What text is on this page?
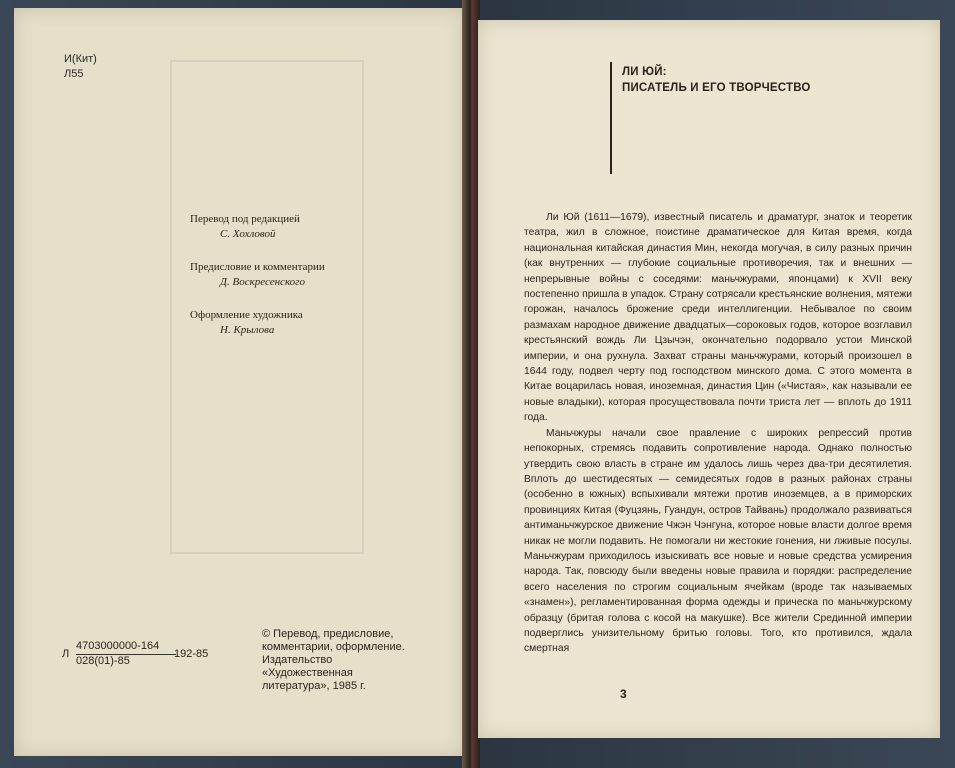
И(Кит)
Л55
Перевод под редакцией
С. Хохловой
Предисловие и комментарии
Д. Воскресенского
Оформление художника
Н. Крылова
Л $\frac{4703000000-164}{028(01)-85}$
192-85
© Перевод, предисловие, комментарии, оформление. Издательство «Художественная литература», 1985 г.
ЛИ ЮЙ:
ПИСАТЕЛЬ И ЕГО ТВОРЧЕСТВО

Ли Юй (1611—1679), известный писатель и драматург, знаток и теоретик театра, жил в сложное, поистине драматическое для Китая время, когда национальная китайская династия Мин, некогда могучая, в силу разных причин (как внутренних — глубокие социальные противоречия, так и внешних — непрерывные войны с соседями: маньчжурами, японцами) к XVII веку постепенно пришла в упадок. Страну сотрясали крестьянские волнения, мятежи горожан, началось брожение среди интеллигенции. Небывалое по своим размахам народное движение двадцатых—сороковых годов, которое возглавил крестьянский вождь Ли Цзычэн, окончательно подорвало устои Минской империи, и она рухнула. Захват страны маньчжурами, который произошел в 1644 году, подвел черту под господством минского дома. С этого момента в Китае воцарилась новая, иноземная, династия Цин («Чистая», как называли ее новые владыки), которая просуществовала почти триста лет — вплоть до 1911 года.

Маньчжуры начали свое правление с широких репрессий против непокорных, стремясь подавить сопротивление народа. Однако полностью утвердить свою власть в стране им удалось лишь через два-три десятилетия. Вплоть до шестидесятых — семидесятых годов в разных районах страны (особенно в южных) вспыхивали мятежи против иноземцев, а в приморских провинциях Китая (Фуцзянь, Гуандун, остров Тайвань) продолжало развиваться антиманьчжурское движение Чжэн Чэнгуна, которое новые власти долгое время никак не могли подавить. Не помогали ни жестокие гонения, ни лживые посулы. Маньчжурам приходилось изыскивать все новые и новые средства усмирения народа. Так, повсюду были введены новые правила и порядки: распределение всего населения по строгим социальным ячейкам (вроде так называемых «знамен»), регламентированная форма одежды и прическа по маньчжурскому образцу (бритая голова с косой на макушке). Все жители Срединной империи подверглись унизительному бритью головы. Того, кто противился, ждала смертная

3
